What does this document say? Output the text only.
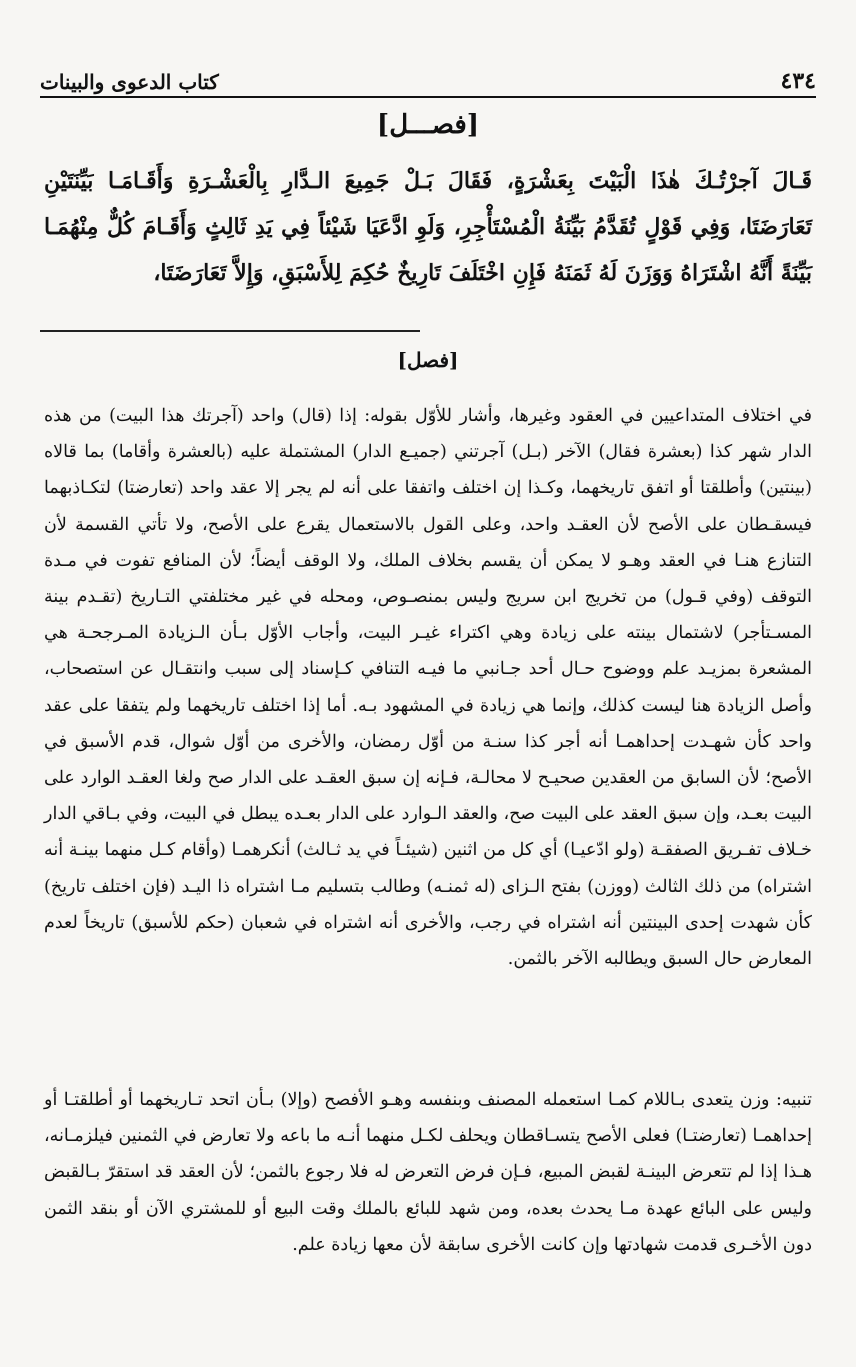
٤٣٤
كتاب الدعوى والبينات
[فصـــل]
قَـالَ آجرْتُـكَ هٰذَا الْبَيْتَ بِعَشْرَةٍ، فَقَالَ بَـلْ جَمِيعَ الـدَّارِ بِالْعَشْـرَةِ وَأَقَـامَـا بَيِّنَتَيْنِ تَعَارَضَتَا، وَفِي قَوْلٍ تُقَدَّمُ بَيِّنَةُ الْمُسْتَأْجِرِ، وَلَوِ ادَّعَيَا شَيْئاً فِي يَدِ ثَالِثٍ وَأَقَـامَ كُلٌّ مِنْهُمَـا بَيِّنَةً أَنَّهُ اشْتَرَاهُ وَوَزَنَ لَهُ ثَمَنَهُ فَإِنِ اخْتَلَفَ تَارِيخٌ حُكِمَ لِلأَسْبَقِ، وَإِلاَّ تَعَارَضَتَا،
[فصل]

في اختلاف المتداعيين في العقود وغيرها، وأشار للأوّل بقوله: إذا (قال) واحد (آجرتك هذا البيت) من هذه الدار شهر كذا (بعشرة فقال) الآخر (بـل) آجرتني (جميـع الدار) المشتملة عليه (بالعشرة وأقاما) بما قالاه (بينتين) وأطلقتا أو اتفق تاريخهما، وكـذا إن اختلف واتفقا على أنه لم يجر إلا عقد واحد (تعارضتا) لتكـاذبهما فيسقـطان على الأصح لأن العقـد واحد، وعلى القول بالاستعمال يقرع على الأصح، ولا تأتي القسمة لأن التنازع هنـا في العقد وهـو لا يمكن أن يقسم بخلاف الملك، ولا الوقف أيضاً؛ لأن المنافع تفوت في مـدة التوقف (وفي قـول) من تخريج ابن سريج وليس بمنصـوص، ومحله في غير مختلفتي التـاريخ (تقـدم بينة المسـتأجر) لاشتمال بينته على زيادة وهي اكتراء غيـر البيت، وأجاب الأوّل بـأن الـزيادة المـرجحـة هي المشعرة بمزيـد علم ووضوح حـال أحد جـانبي ما فيـه التنافي كـإسناد إلى سبب وانتقـال عن استصحاب، وأصل الزيادة هنا ليست كذلك، وإنما هي زيادة في المشهود بـه. أما إذا اختلف تاريخهما ولم يتفقا على عقد واحد كأن شهـدت إحداهمـا أنه أجر كذا سنـة من أوّل رمضان، والأخرى من أوّل شوال، قدم الأسبق في الأصح؛ لأن السابق من العقدين صحيـح لا محالـة، فـإنه إن سبق العقـد على الدار صح ولغا العقـد الوارد على البيت بعـد، وإن سبق العقد على البيت صح، والعقد الـوارد على الدار بعـده يبطل في البيت، وفي بـاقي الدار خـلاف تفـريق الصفقـة (ولو ادّعيـا) أي كل من اثنين (شيئـاً في يد ثـالث) أنكرهمـا (وأقام كـل منهما بينـة أنه اشتراه) من ذلك الثالث (ووزن) بفتح الـزاى (له ثمنـه) وطالب بتسليم مـا اشتراه ذا اليـد (فإن اختلف تاريخ) كأن شهدت إحدى البينتين أنه اشتراه في رجب، والأخرى أنه اشتراه في شعبان (حكم للأسبق) تاريخاً لعدم المعارض حال السبق ويطالبه الآخر بالثمن.

تنبيه: وزن يتعدى بـاللام كمـا استعمله المصنف وبنفسه وهـو الأفصح (وإلا) بـأن اتحد تـاريخهما أو أطلقتـا أو إحداهمـا (تعارضتـا) فعلى الأصح يتسـاقطان ويحلف لكـل منهما أنـه ما باعه ولا تعارض في الثمنين فيلزمـانه، هـذا إذا لم تتعرض البينـة لقبض المبيع، فـإن فرض التعرض له فلا رجوع بالثمن؛ لأن العقد قد استقرّ بـالقبض وليس على البائع عهدة مـا يحدث بعده، ومن شهد للبائع بالملك وقت البيع أو للمشتري الآن أو بنقد الثمن دون الأخـرى قدمت شهادتها وإن كانت الأخرى سابقة لأن معها زيادة علم.
